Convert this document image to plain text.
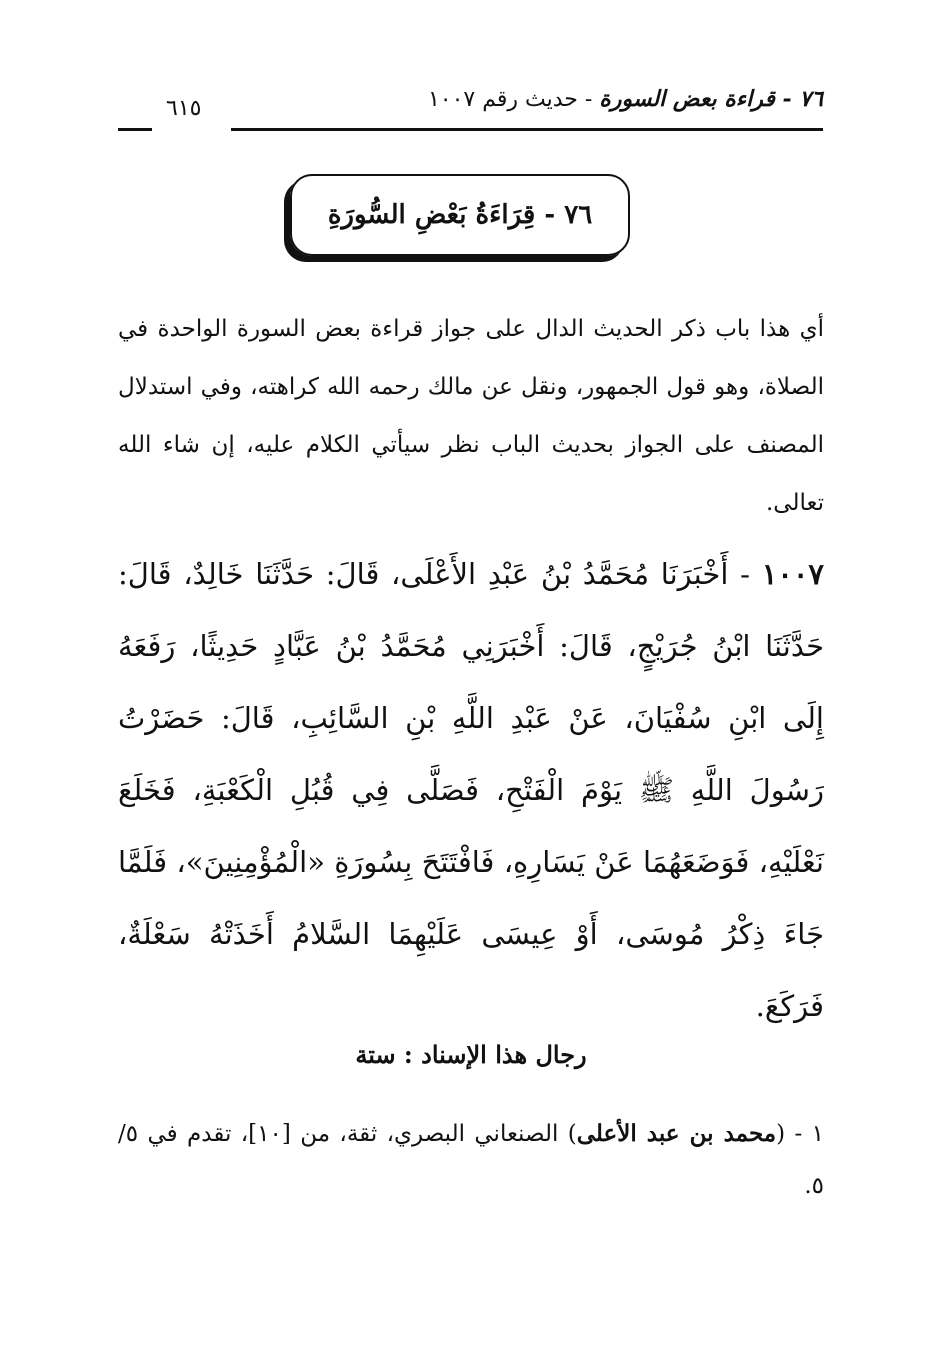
٧٦ - قراءة بعض السورة - حديث رقم ١٠٠٧
٦١٥
٧٦ - قِرَاءَةُ بَعْضِ السُّورَةِ
أي هذا باب ذكر الحديث الدال على جواز قراءة بعض السورة الواحدة في الصلاة، وهو قول الجمهور، ونقل عن مالك رحمه الله كراهته، وفي استدلال المصنف على الجواز بحديث الباب نظر سيأتي الكلام عليه، إن شاء الله تعالى.
١٠٠٧ - أَخْبَرَنَا مُحَمَّدُ بْنُ عَبْدِ الأَعْلَى، قَالَ: حَدَّثَنَا خَالِدٌ، قَالَ: حَدَّثَنَا ابْنُ جُرَيْجٍ، قَالَ: أَخْبَرَنِي مُحَمَّدُ بْنُ عَبَّادٍ حَدِيثًا، رَفَعَهُ إِلَى ابْنِ سُفْيَانَ، عَنْ عَبْدِ اللَّهِ بْنِ السَّائِبِ، قَالَ: حَضَرْتُ رَسُولَ اللَّهِ ﷺ يَوْمَ الْفَتْحِ، فَصَلَّى فِي قُبُلِ الْكَعْبَةِ، فَخَلَعَ نَعْلَيْهِ، فَوَضَعَهُمَا عَنْ يَسَارِهِ، فَافْتَتَحَ بِسُورَةِ «الْمُؤْمِنِينَ»، فَلَمَّا جَاءَ ذِكْرُ مُوسَى، أَوْ عِيسَى عَلَيْهِمَا السَّلامُ أَخَذَتْهُ سَعْلَةٌ، فَرَكَعَ.
رجال هذا الإسناد : ستة
١ - (محمد بن عبد الأعلى) الصنعاني البصري، ثقة، من [١٠]، تقدم في ٥/ ٥.
